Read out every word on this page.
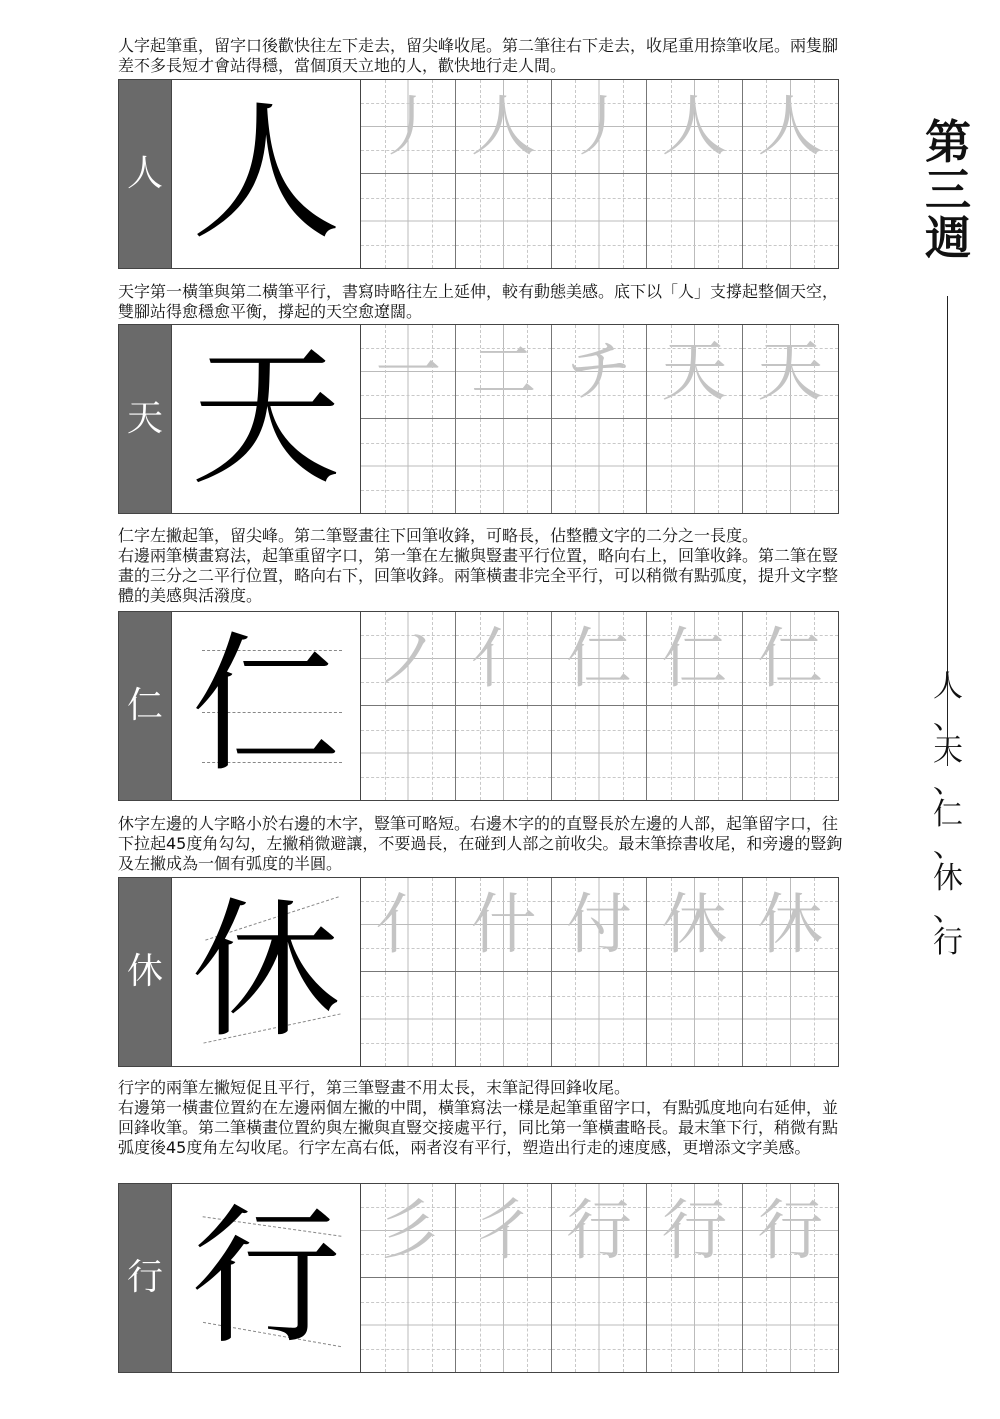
人字起筆重，留字口後歡快往左下走去，留尖峰收尾。第二筆往右下走去，收尾重用捺筆收尾。兩隻腳差不多長短才會站得穩，當個頂天立地的人，歡快地行走人間。

人 人 丿 人 丿 人 人

天字第一橫筆與第二橫筆平行，書寫時略往左上延伸，較有動態美感。底下以「人」支撐起整個天空，雙腳站得愈穩愈平衡，撐起的天空愈遼闊。

天 天 一 二 チ 天 天

仁字左撇起筆，留尖峰。第二筆豎畫往下回筆收鋒，可略長，佔整體文字的二分之一長度。

右邊兩筆橫畫寫法，起筆重留字口，第一筆在左撇與豎畫平行位置，略向右上，回筆收鋒。第二筆在豎畫的三分之二平行位置，略向右下，回筆收鋒。兩筆橫畫非完全平行，可以稍微有點弧度，提升文字整體的美感與活潑度。

仁 仁 ノ 亻 仁 仁 仁

休字左邊的人字略小於右邊的木字，豎筆可略短。右邊木字的的直豎長於左邊的人部，起筆留字口，往下拉起45度角勾勾，左撇稍微避讓，不要過長，在碰到人部之前收尖。最末筆捺書收尾，和旁邊的豎鉤及左撇成為一個有弧度的半圓。

休 休 亻 什 付 休 休

行字的兩筆左撇短促且平行，第三筆豎畫不用太長，末筆記得回鋒收尾。

右邊第一橫畫位置約在左邊兩個左撇的中間，橫筆寫法一樣是起筆重留字口，有點弧度地向右延伸，並回鋒收筆。第二筆橫畫位置約與左撇與直豎交接處平行，同比第一筆橫畫略長。最末筆下行，稍微有點弧度後45度角左勾收尾。行字左高右低，兩者沒有平行，塑造出行走的速度感，更增添文字美感。

行 行 彡 彳 行 行 行
第
三
週
人
、
天
、
仁
、
休
、
行
